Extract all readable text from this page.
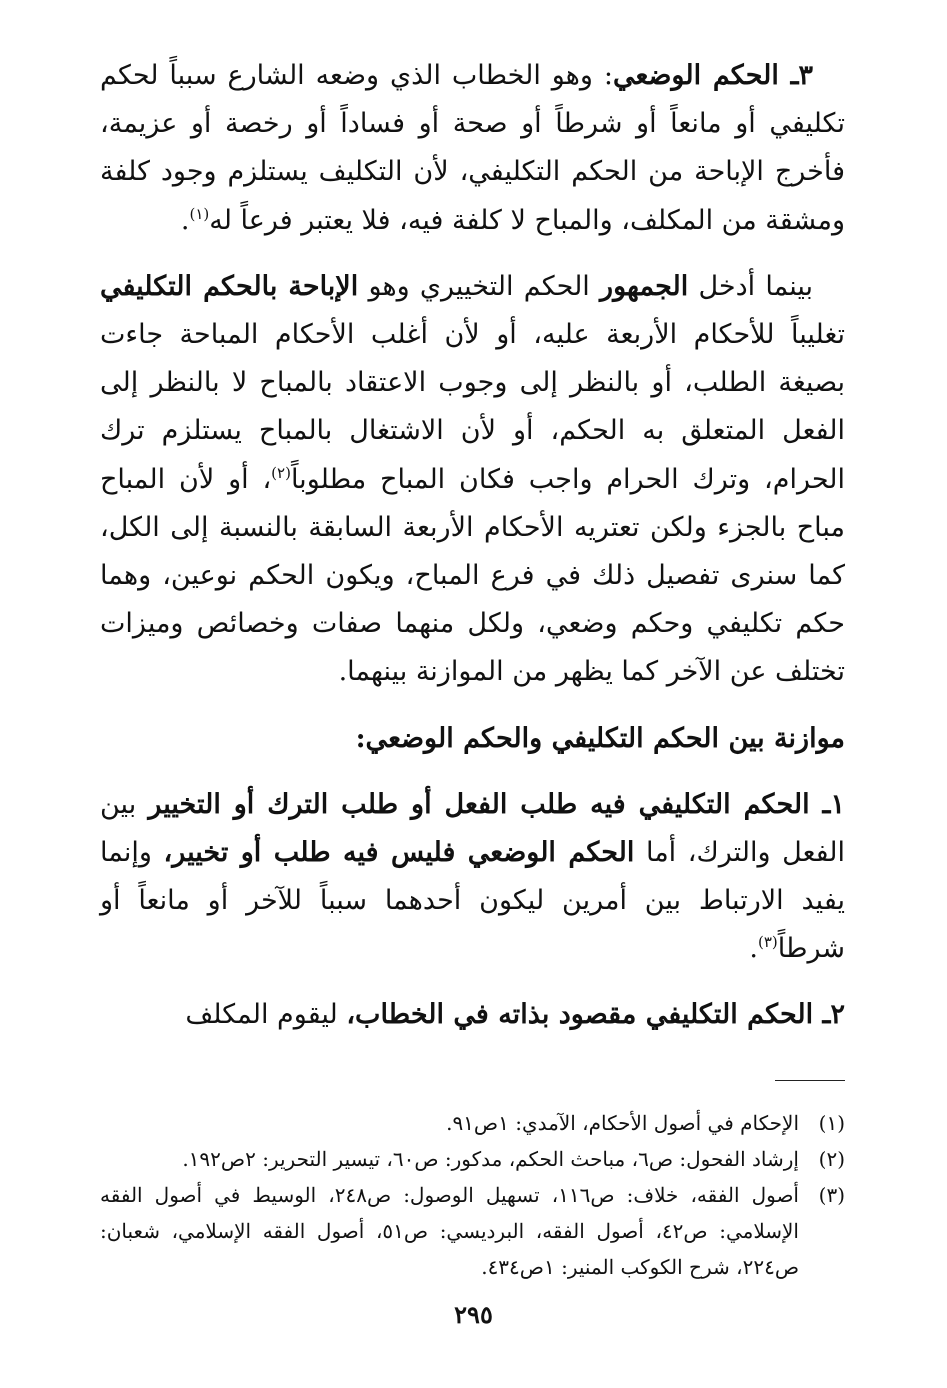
٣ـ الحكم الوضعي: وهو الخطاب الذي وضعه الشارع سبباً لحكم تكليفي أو مانعاً أو شرطاً أو صحة أو فساداً أو رخصة أو عزيمة، فأخرج الإباحة من الحكم التكليفي، لأن التكليف يستلزم وجود كلفة ومشقة من المكلف، والمباح لا كلفة فيه، فلا يعتبر فرعاً له$^{(١)}$.

بينما أدخل الجمهور الحكم التخييري وهو الإباحة بالحكم التكليفي تغليباً للأحكام الأربعة عليه، أو لأن أغلب الأحكام المباحة جاءت بصيغة الطلب، أو بالنظر إلى وجوب الاعتقاد بالمباح لا بالنظر إلى الفعل المتعلق به الحكم، أو لأن الاشتغال بالمباح يستلزم ترك الحرام، وترك الحرام واجب فكان المباح مطلوباً$^{(٢)}$، أو لأن المباح مباح بالجزء ولكن تعتريه الأحكام الأربعة السابقة بالنسبة إلى الكل، كما سنرى تفصيل ذلك في فرع المباح، ويكون الحكم نوعين، وهما حكم تكليفي وحكم وضعي، ولكل منهما صفات وخصائص وميزات تختلف عن الآخر كما يظهر من الموازنة بينهما.

موازنة بين الحكم التكليفي والحكم الوضعي:

١ـ الحكم التكليفي فيه طلب الفعل أو طلب الترك أو التخيير بين الفعل والترك، أما الحكم الوضعي فليس فيه طلب أو تخيير، وإنما يفيد الارتباط بين أمرين ليكون أحدهما سبباً للآخر أو مانعاً أو شرطاً$^{(٣)}$.

٢ـ الحكم التكليفي مقصود بذاته في الخطاب، ليقوم المكلف

(١)
الإحكام في أصول الأحكام، الآمدي: ١ص٩١.
(٢)
إرشاد الفحول: ص٦، مباحث الحكم، مدكور: ص٦٠، تيسير التحرير: ٢ص١٩٢.
(٣)
أصول الفقه، خلاف: ص١١٦، تسهيل الوصول: ص٢٤٨، الوسيط في أصول الفقه الإسلامي: ص٤٢، أصول الفقه، البرديسي: ص٥١، أصول الفقه الإسلامي، شعبان: ص٢٢٤، شرح الكوكب المنير: ١ص٤٣٤.
٢٩٥
